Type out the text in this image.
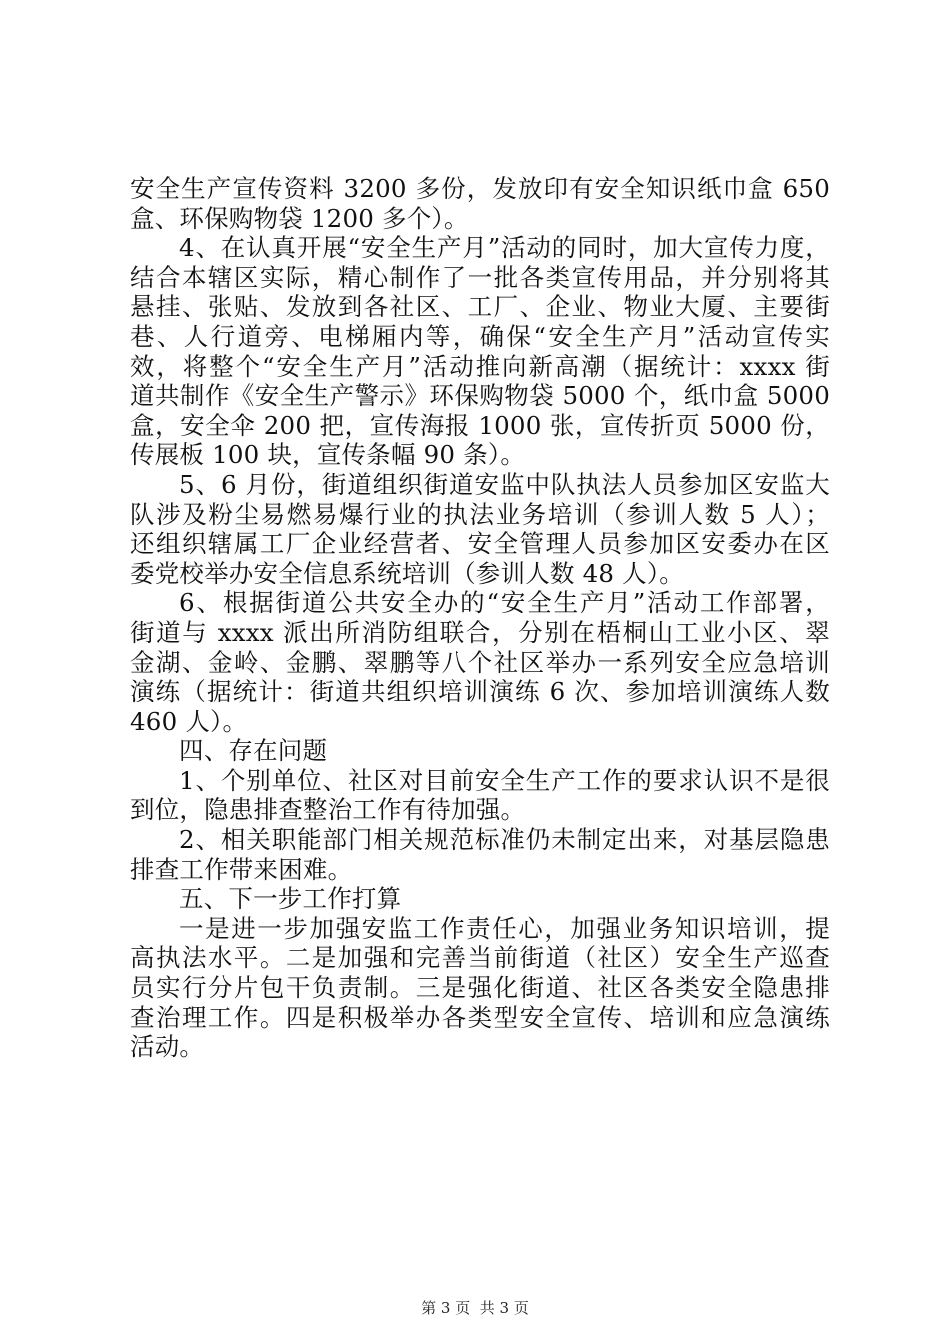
安全生产宣传资料 3200 多份，发放印有安全知识纸巾盒 650
盒、环保购物袋 1200 多个）。
4、在认真开展“安全生产月”活动的同时，加大宣传力度，
结合本辖区实际，精心制作了一批各类宣传用品，并分别将其
悬挂、张贴、发放到各社区、工厂、企业、物业大厦、主要街
巷、人行道旁、电梯厢内等，确保“安全生产月”活动宣传实
效，将整个“安全生产月”活动推向新高潮（据统计：xxxx 街
道共制作《安全生产警示》环保购物袋 5000 个，纸巾盒 5000
盒，安全伞 200 把，宣传海报 1000 张，宣传折页 5000 份，
传展板 100 块，宣传条幅 90 条）。
5、6 月份，街道组织街道安监中队执法人员参加区安监大
队涉及粉尘易燃易爆行业的执法业务培训（参训人数 5 人）；
还组织辖属工厂企业经营者、安全管理人员参加区安委办在区
委党校举办安全信息系统培训（参训人数 48 人）。
6、根据街道公共安全办的“安全生产月”活动工作部署，
街道与 xxxx 派出所消防组联合，分别在梧桐山工业小区、翠
金湖、金岭、金鹏、翠鹏等八个社区举办一系列安全应急培训
演练（据统计：街道共组织培训演练 6 次、参加培训演练人数
460 人）。
四、存在问题
1、个别单位、社区对目前安全生产工作的要求认识不是很
到位，隐患排查整治工作有待加强。
2、相关职能部门相关规范标准仍未制定出来，对基层隐患
排查工作带来困难。
五、下一步工作打算
一是进一步加强安监工作责任心，加强业务知识培训，提
高执法水平。二是加强和完善当前街道（社区）安全生产巡查
员实行分片包干负责制。三是强化街道、社区各类安全隐患排
查治理工作。四是积极举办各类型安全宣传、培训和应急演练
活动。
第 3 页  共 3 页
